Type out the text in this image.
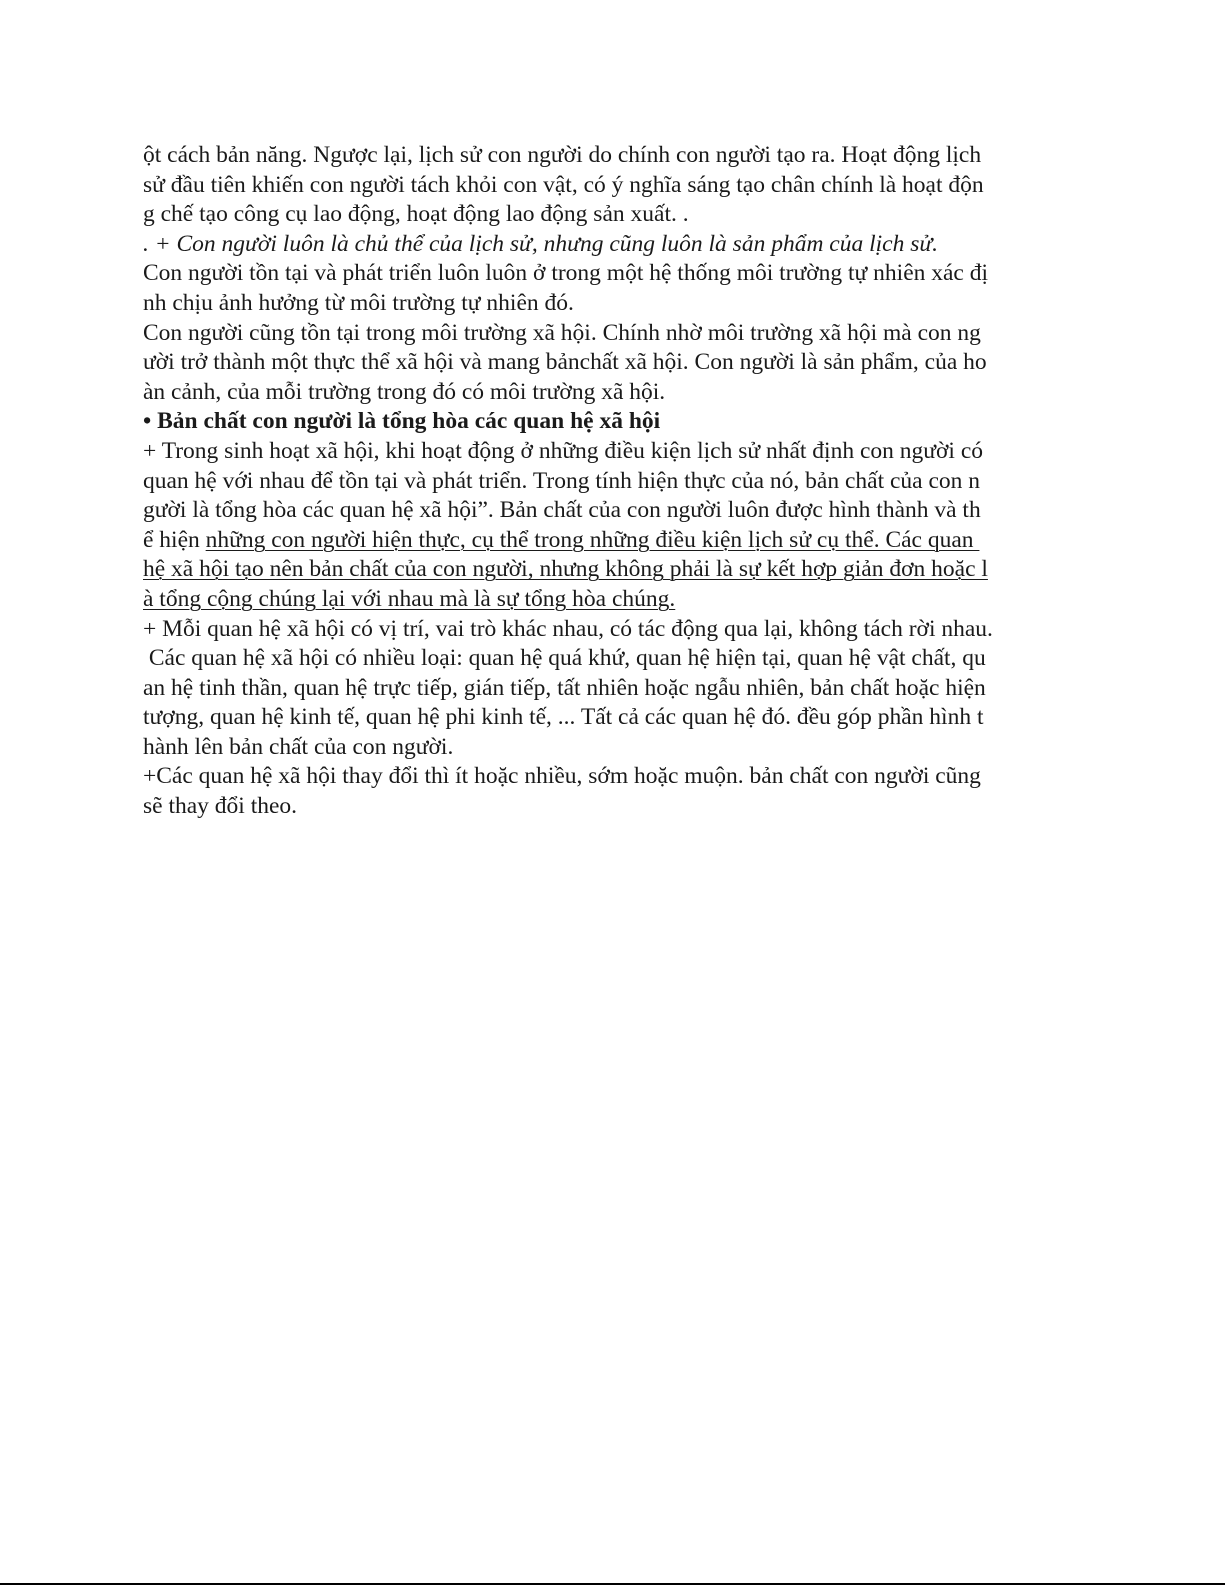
ột cách bản năng. Ngược lại, lịch sử con người do chính con người tạo ra. Hoạt động lịch
sử đầu tiên khiến con người tách khỏi con vật, có ý nghĩa sáng tạo chân chính là hoạt độn
g chế tạo công cụ lao động, hoạt động lao động sản xuất. .
. + Con người luôn là chủ thể của lịch sử, nhưng cũng luôn là sản phẩm của lịch sử.
Con người tồn tại và phát triển luôn luôn ở trong một hệ thống môi trường tự nhiên xác đị
nh chịu ảnh hưởng từ môi trường tự nhiên đó.
Con người cũng tồn tại trong môi trường xã hội. Chính nhờ môi trường xã hội mà con ng
ười trở thành một thực thể xã hội và mang bảnchất xã hội. Con người là sản phẩm, của ho
àn cảnh, của mỗi trường trong đó có môi trường xã hội.
• Bản chất con người là tổng hòa các quan hệ xã hội
+ Trong sinh hoạt xã hội, khi hoạt động ở những điều kiện lịch sử nhất định con người có
quan hệ với nhau để tồn tại và phát triển. Trong tính hiện thực của nó, bản chất của con n
gười là tổng hòa các quan hệ xã hội”. Bản chất của con người luôn được hình thành và th
ể hiện những con người hiện thực, cụ thể trong những điều kiện lịch sử cụ thể. Các quan
hệ xã hội tạo nên bản chất của con người, nhưng không phải là sự kết hợp giản đơn hoặc l
à tổng cộng chúng lại với nhau mà là sự tổng hòa chúng.
+ Mỗi quan hệ xã hội có vị trí, vai trò khác nhau, có tác động qua lại, không tách rời nhau.
Các quan hệ xã hội có nhiều loại: quan hệ quá khứ, quan hệ hiện tại, quan hệ vật chất, qu
an hệ tinh thần, quan hệ trực tiếp, gián tiếp, tất nhiên hoặc ngẫu nhiên, bản chất hoặc hiện
tượng, quan hệ kinh tế, quan hệ phi kinh tế, ... Tất cả các quan hệ đó. đều góp phần hình t
hành lên bản chất của con người.
+Các quan hệ xã hội thay đổi thì ít hoặc nhiều, sớm hoặc muộn. bản chất con người cũng
sẽ thay đổi theo.
